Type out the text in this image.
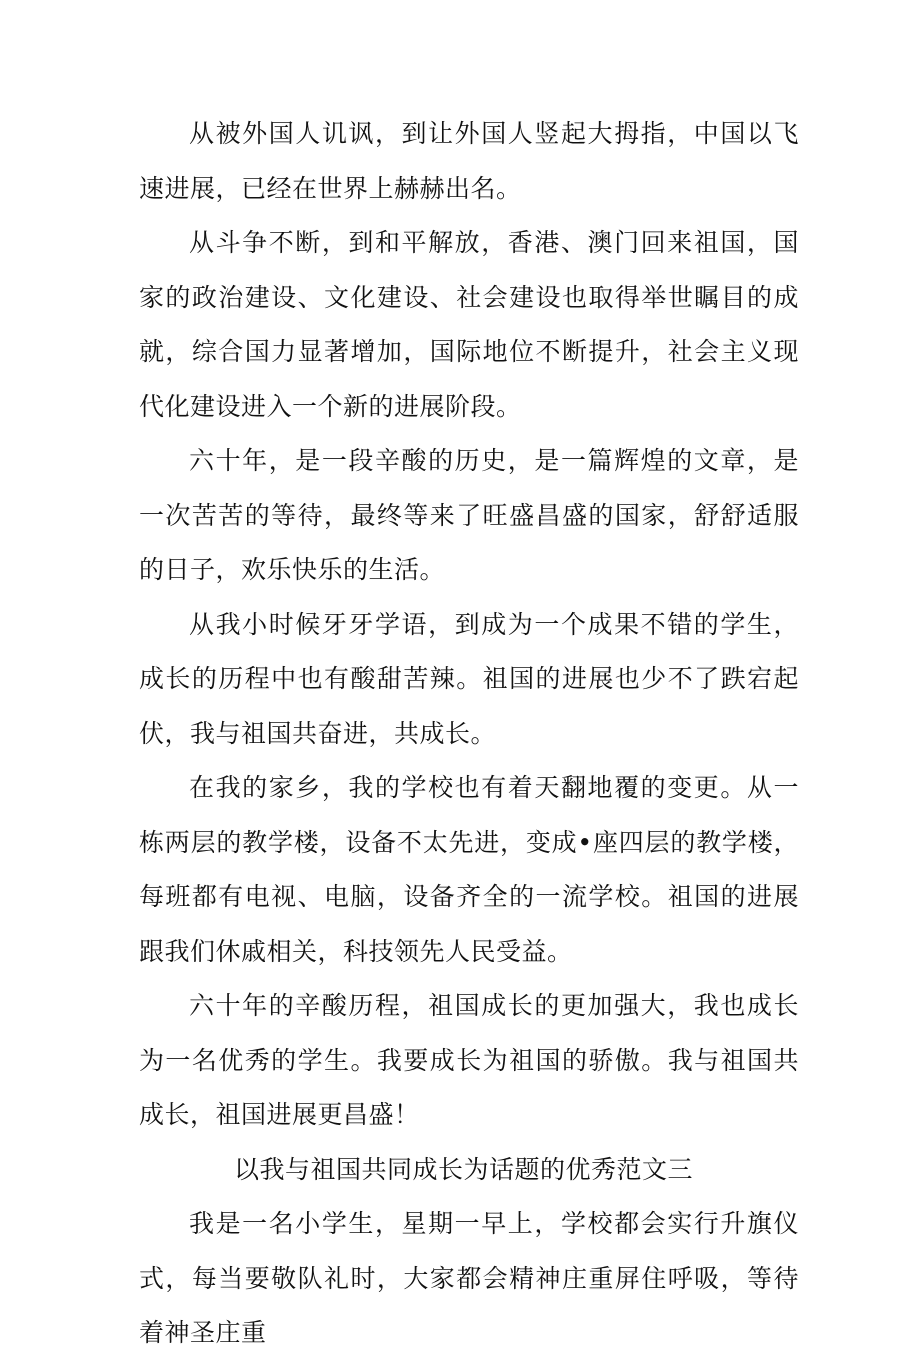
从被外国人讥讽，到让外国人竖起大拇指，中国以飞速进展，已经在世界上赫赫出名。

从斗争不断，到和平解放，香港、澳门回来祖国，国家的政治建设、文化建设、社会建设也取得举世瞩目的成就，综合国力显著增加，国际地位不断提升，社会主义现代化建设进入一个新的进展阶段。

六十年，是一段辛酸的历史，是一篇辉煌的文章，是一次苦苦的等待，最终等来了旺盛昌盛的国家，舒舒适服的日子，欢乐快乐的生活。

从我小时候牙牙学语，到成为一个成果不错的学生，成长的历程中也有酸甜苦辣。祖国的进展也少不了跌宕起伏，我与祖国共奋进，共成长。

在我的家乡，我的学校也有着天翻地覆的变更。从一栋两层的教学楼，设备不太先进，变成•座四层的教学楼，每班都有电视、电脑，设备齐全的一流学校。祖国的进展跟我们休戚相关，科技领先人民受益。

六十年的辛酸历程，祖国成长的更加强大，我也成长为一名优秀的学生。我要成长为祖国的骄傲。我与祖国共成长，祖国进展更昌盛！

以我与祖国共同成长为话题的优秀范文三

我是一名小学生，星期一早上，学校都会实行升旗仪式，每当要敬队礼时，大家都会精神庄重屏住呼吸，等待着神圣庄重
